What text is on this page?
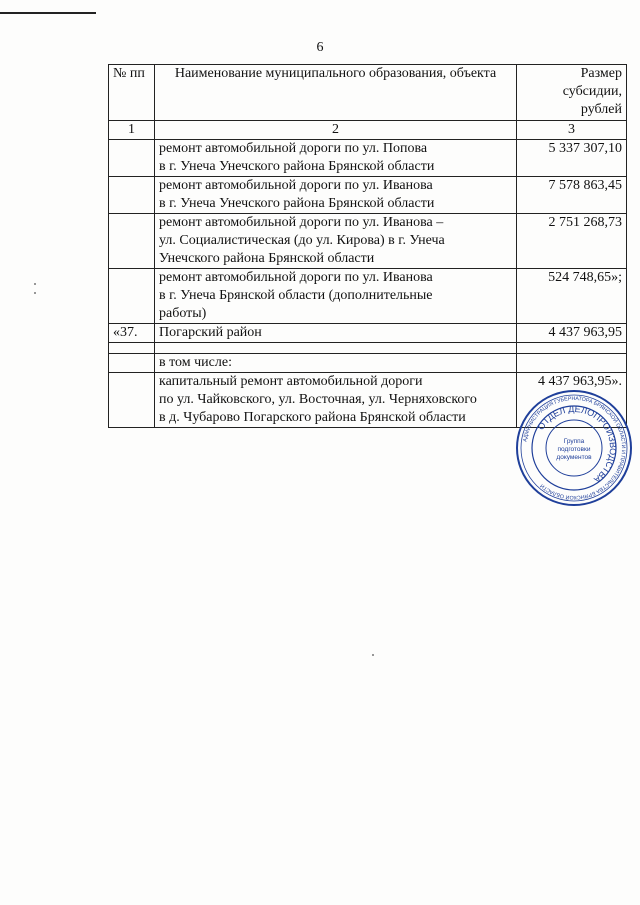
6
№ пп	Наименование муниципального образования, объекта	Размер
субсидии,
рублей
1	2	3
	ремонт автомобильной дороги по ул. Попова
в г. Унеча Унечского района Брянской области	5 337 307,10
	ремонт автомобильной дороги по ул. Иванова
в г. Унеча Унечского района Брянской области	7 578 863,45
	ремонт автомобильной дороги по ул. Иванова –
ул. Социалистическая (до ул. Кирова) в г. Унеча
Унечского района Брянской области	2 751 268,73
	ремонт автомобильной дороги по ул. Иванова
в г. Унеча Брянской области (дополнительные
работы)	524 748,65»;
«37.	Погарский район	4 437 963,95

	в том числе:	
	капитальный ремонт автомобильной дороги
по ул. Чайковского, ул. Восточная, ул. Черняховского
в д. Чубарово Погарского района Брянской области	4 437 963,95».
АДМИНИСТРАЦИЯ ГУБЕРНАТОРА БРЯНСКОЙ ОБЛАСТИ И ПРАВИТЕЛЬСТВА БРЯНСКОЙ ОБЛАСТИ
ОТДЕЛ ДЕЛОПРОИЗВОДСТВА
Группа
подготовки
документов
